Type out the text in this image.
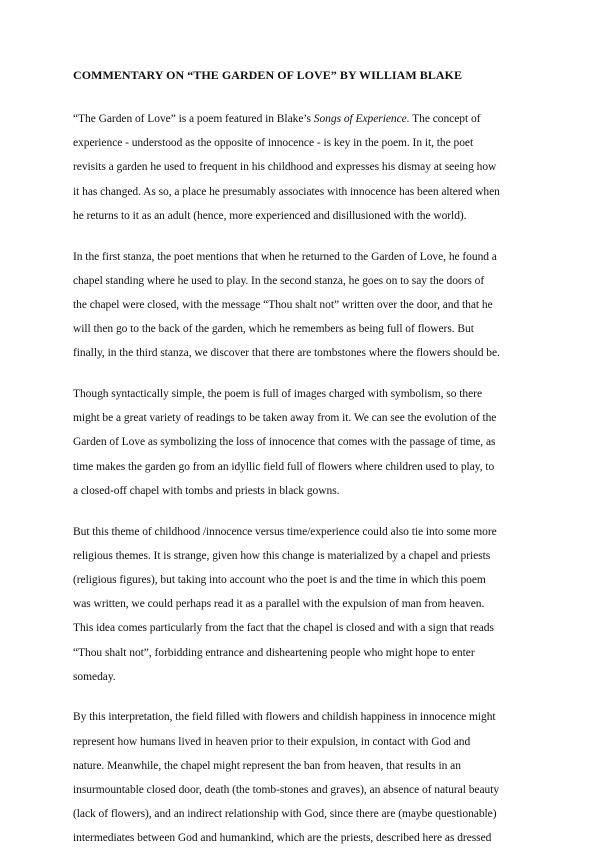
COMMENTARY ON “THE GARDEN OF LOVE” BY WILLIAM BLAKE
“The Garden of Love” is a poem featured in Blake’s Songs of Experience. The concept of
experience - understood as the opposite of innocence - is key in the poem. In it, the poet
revisits a garden he used to frequent in his childhood and expresses his dismay at seeing how
it has changed. As so, a place he presumably associates with innocence has been altered when
he returns to it as an adult (hence, more experienced and disillusioned with the world).
In the first stanza, the poet mentions that when he returned to the Garden of Love, he found a
chapel standing where he used to play. In the second stanza, he goes on to say the doors of
the chapel were closed, with the message “Thou shalt not” written over the door, and that he
will then go to the back of the garden, which he remembers as being full of flowers. But
finally, in the third stanza, we discover that there are tombstones where the flowers should be.
Though syntactically simple, the poem is full of images charged with symbolism, so there
might be a great variety of readings to be taken away from it. We can see the evolution of the
Garden of Love as symbolizing the loss of innocence that comes with the passage of time, as
time makes the garden go from an idyllic field full of flowers where children used to play, to
a closed-off chapel with tombs and priests in black gowns.
But this theme of childhood /innocence versus time/experience could also tie into some more
religious themes. It is strange, given how this change is materialized by a chapel and priests
(religious figures), but taking into account who the poet is and the time in which this poem
was written, we could perhaps read it as a parallel with the expulsion of man from heaven.
This idea comes particularly from the fact that the chapel is closed and with a sign that reads
“Thou shalt not”, forbidding entrance and disheartening people who might hope to enter
someday.
By this interpretation, the field filled with flowers and childish happiness in innocence might
represent how humans lived in heaven prior to their expulsion, in contact with God and
nature. Meanwhile, the chapel might represent the ban from heaven, that results in an
insurmountable closed door, death (the tomb-stones and graves), an absence of natural beauty
(lack of flowers), and an indirect relationship with God, since there are (maybe questionable)
intermediates between God and humankind, which are the priests, described here as dressed
